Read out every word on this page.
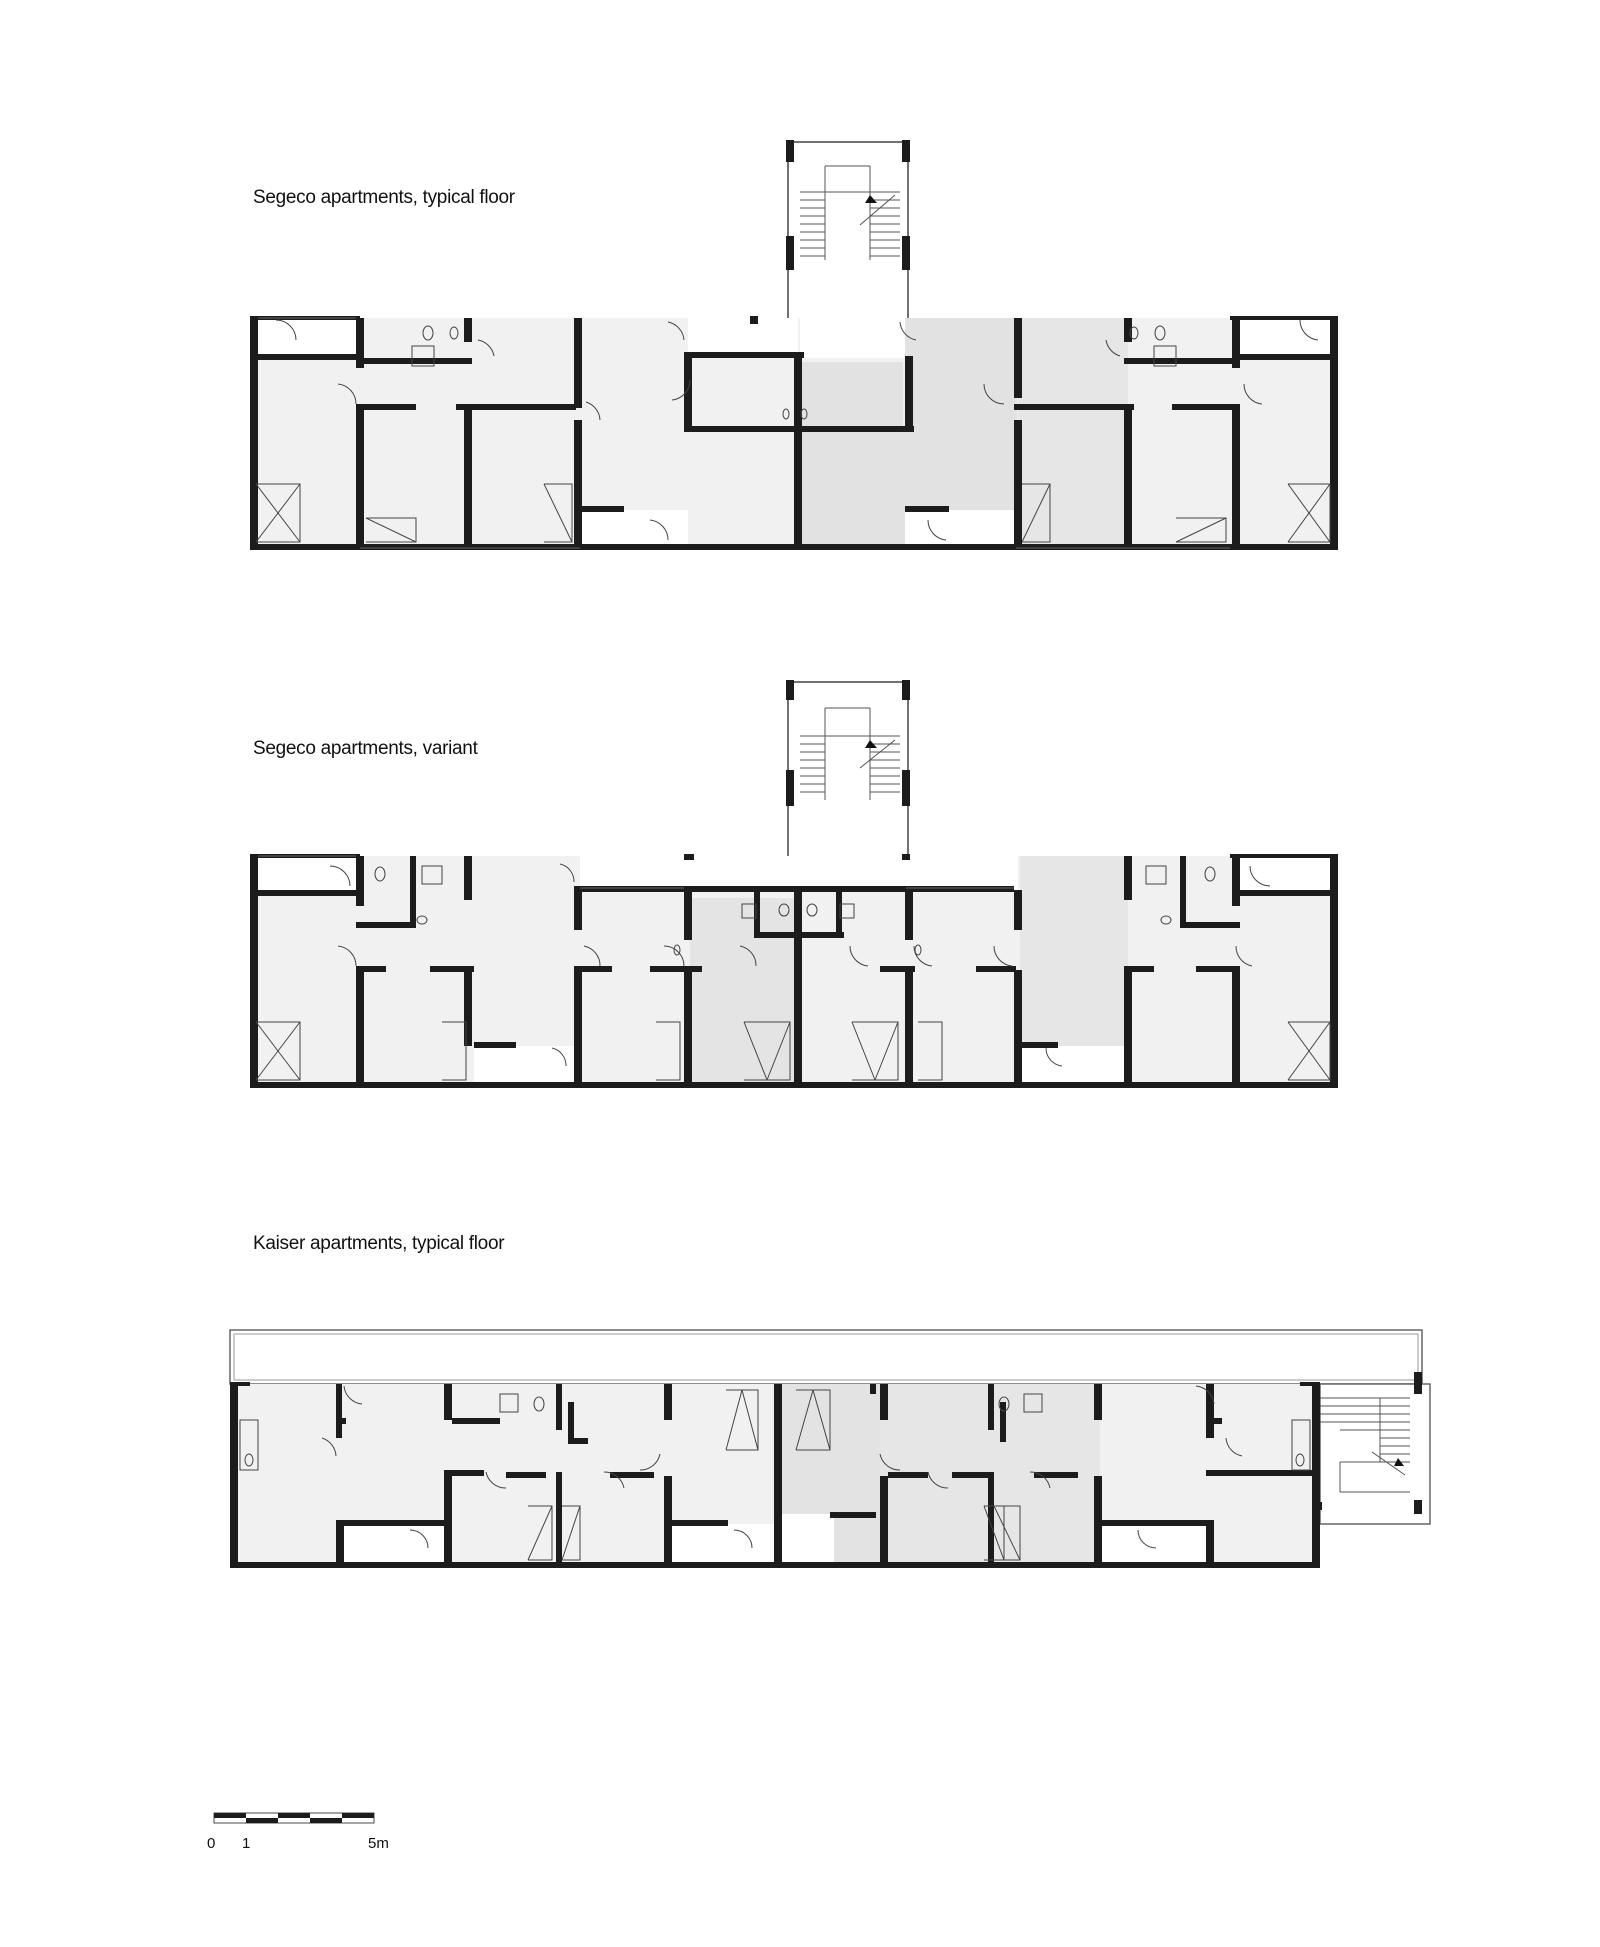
Segeco apartments, typical floor
Segeco apartments, variant
Kaiser apartments, typical floor
0 1	5m
